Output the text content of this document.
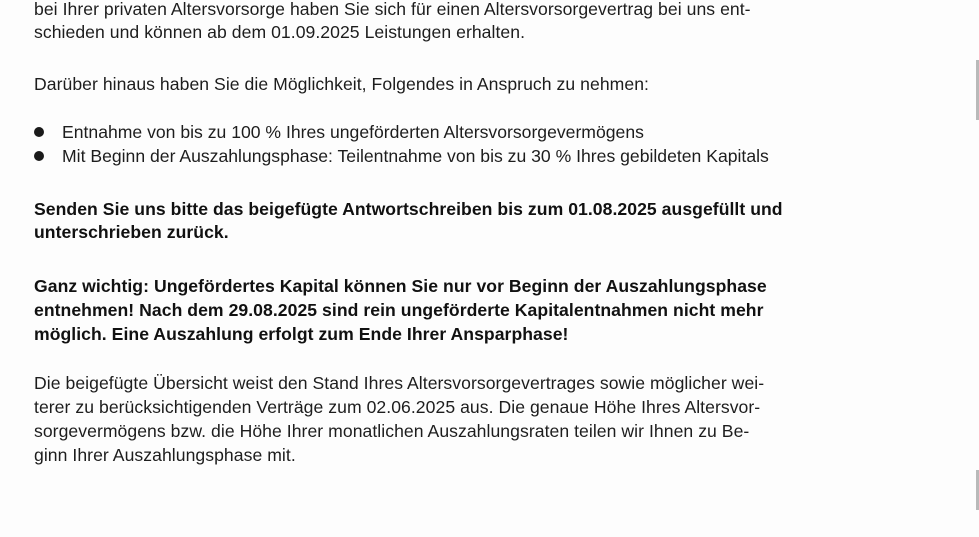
bei Ihrer privaten Altersvorsorge haben Sie sich für einen Altersvorsorgevertrag bei uns ent-
schieden und können ab dem 01.09.2025 Leistungen erhalten.
Darüber hinaus haben Sie die Möglichkeit, Folgendes in Anspruch zu nehmen:
Entnahme von bis zu 100 % Ihres ungeförderten Altersvorsorgevermögens
Mit Beginn der Auszahlungsphase: Teilentnahme von bis zu 30 % Ihres gebildeten Kapitals
Senden Sie uns bitte das beigefügte Antwortschreiben bis zum 01.08.2025 ausgefüllt und
unterschrieben zurück.
Ganz wichtig: Ungefördertes Kapital können Sie nur vor Beginn der Auszahlungsphase
entnehmen! Nach dem 29.08.2025 sind rein ungeförderte Kapitalentnahmen nicht mehr
möglich. Eine Auszahlung erfolgt zum Ende Ihrer Ansparphase!
Die beigefügte Übersicht weist den Stand Ihres Altersvorsorgevertrages sowie möglicher wei-
terer zu berücksichtigenden Verträge zum 02.06.2025 aus. Die genaue Höhe Ihres Altersvor-
sorgevermögens bzw. die Höhe Ihrer monatlichen Auszahlungsraten teilen wir Ihnen zu Be-
ginn Ihrer Auszahlungsphase mit.
